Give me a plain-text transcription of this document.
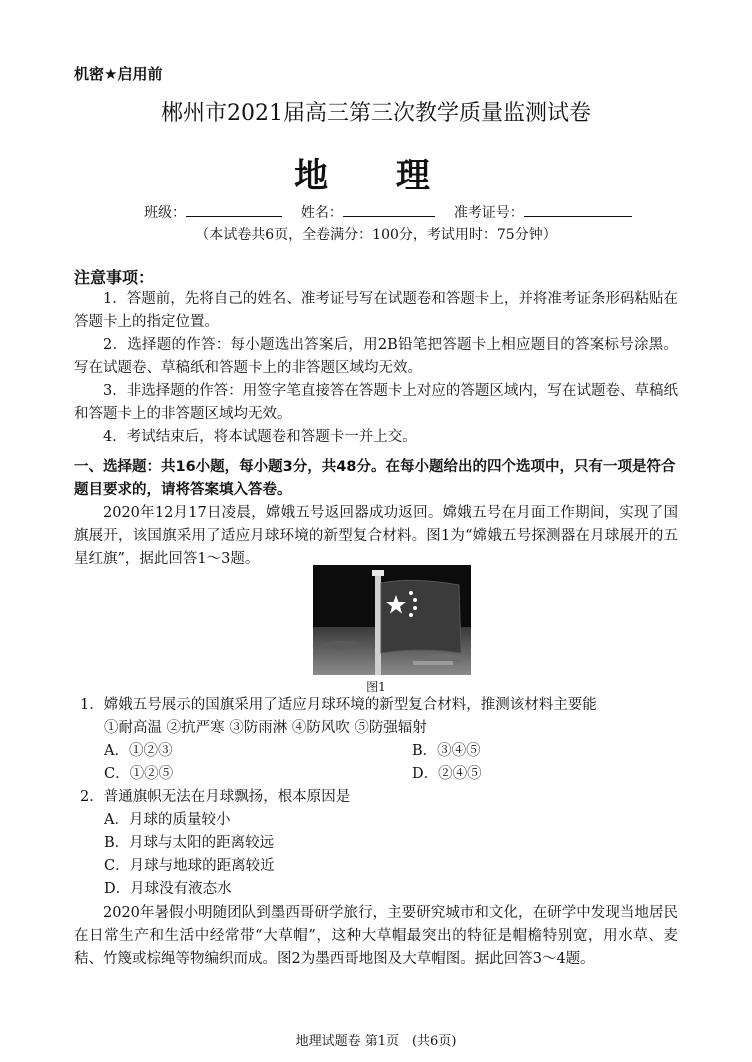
机密★启用前
郴州市2021届高三第三次教学质量监测试卷
地 理
班级：	姓名：	准考证号：
（本试卷共6页，全卷满分：100分，考试用时：75分钟）
注意事项：
1．答题前，先将自己的姓名、准考证号写在试题卷和答题卡上，并将准考证条形码粘贴在答题卡上的指定位置。
2．选择题的作答：每小题选出答案后，用2B铅笔把答题卡上相应题目的答案标号涂黑。写在试题卷、草稿纸和答题卡上的非答题区域均无效。
3．非选择题的作答：用签字笔直接答在答题卡上对应的答题区域内，写在试题卷、草稿纸和答题卡上的非答题区域均无效。
4．考试结束后，将本试题卷和答题卡一并上交。
一、选择题：共16小题，每小题3分，共48分。在每小题给出的四个选项中，只有一项是符合题目要求的，请将答案填入答卷。
2020年12月17日凌晨，嫦娥五号返回器成功返回。嫦娥五号在月面工作期间，实现了国旗展开，该国旗采用了适应月球环境的新型复合材料。图1为“嫦娥五号探测器在月球展开的五星红旗”，据此回答1～3题。
图1
1．嫦娥五号展示的国旗采用了适应月球环境的新型复合材料，推测该材料主要能
①耐高温 ②抗严寒 ③防雨淋 ④防风吹 ⑤防强辐射
A．①②③	B．③④⑤
C．①②⑤	D．②④⑤
2．普通旗帜无法在月球飘扬，根本原因是
A．月球的质量较小
B．月球与太阳的距离较远
C．月球与地球的距离较近
D．月球没有液态水
2020年暑假小明随团队到墨西哥研学旅行，主要研究城市和文化，在研学中发现当地居民在日常生产和生活中经常带“大草帽”，这种大草帽最突出的特征是帽檐特别宽，用水草、麦秸、竹篾或棕绳等物编织而成。图2为墨西哥地图及大草帽图。据此回答3～4题。
地理试题卷 第1页　(共6页)
